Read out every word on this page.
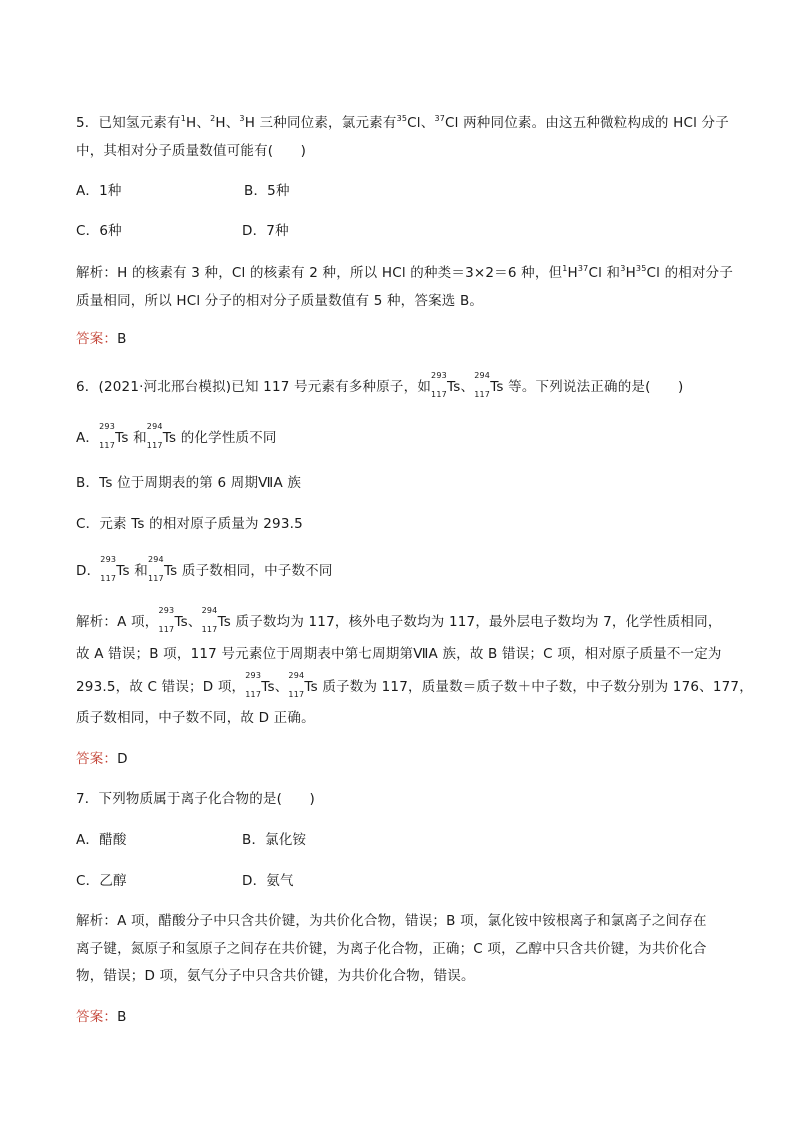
5．已知氢元素有$^1$H、$^2$H、$^3$H 三种同位素，氯元素有$^{35}$Cl、$^{37}$Cl 两种同位素。由这五种微粒构成的 HCl 分子
中，其相对分子质量数值可能有(　　)
A．1种	B．5种
C．6种	D．7种
解析：H 的核素有 3 种，Cl 的核素有 2 种，所以 HCl 的种类＝3×2＝6 种，但$^1H^{37}Cl$ 和$^3H^{35}Cl$ 的相对分子
质量相同，所以 HCl 分子的相对分子质量数值有 5 种，答案选 B。
答案：B
6．(2021·河北邢台模拟)已知 117 号元素有多种原子，如
293
117 Ts、
294
117 Ts 等。下列说法正确的是(　　)
A．
293
117 Ts 和
294
117 Ts 的化学性质不同
B．Ts 位于周期表的第 6 周期ⅦA 族
C．元素 Ts 的相对原子质量为 293.5
D．
293
117 Ts 和
294
117 Ts 质子数相同，中子数不同
解析：A 项，
293
117 Ts、
294
117 Ts 质子数均为 117，核外电子数均为 117，最外层电子数均为 7，化学性质相同，
故 A 错误；B 项，117 号元素位于周期表中第七周期第ⅦA 族，故 B 错误；C 项，相对原子质量不一定为
293.5，故 C 错误；D 项，
293
117 Ts、
294
117 Ts 质子数为 117，质量数＝质子数＋中子数，中子数分别为 176、177，
质子数相同，中子数不同，故 D 正确。
答案：D
7．下列物质属于离子化合物的是(　　)
A．醋酸	B．氯化铵
C．乙醇	D．氨气
解析：A 项，醋酸分子中只含共价键，为共价化合物，错误；B 项，氯化铵中铵根离子和氯离子之间存在
离子键，氮原子和氢原子之间存在共价键，为离子化合物，正确；C 项，乙醇中只含共价键，为共价化合
物，错误；D 项，氨气分子中只含共价键，为共价化合物，错误。
答案：B
